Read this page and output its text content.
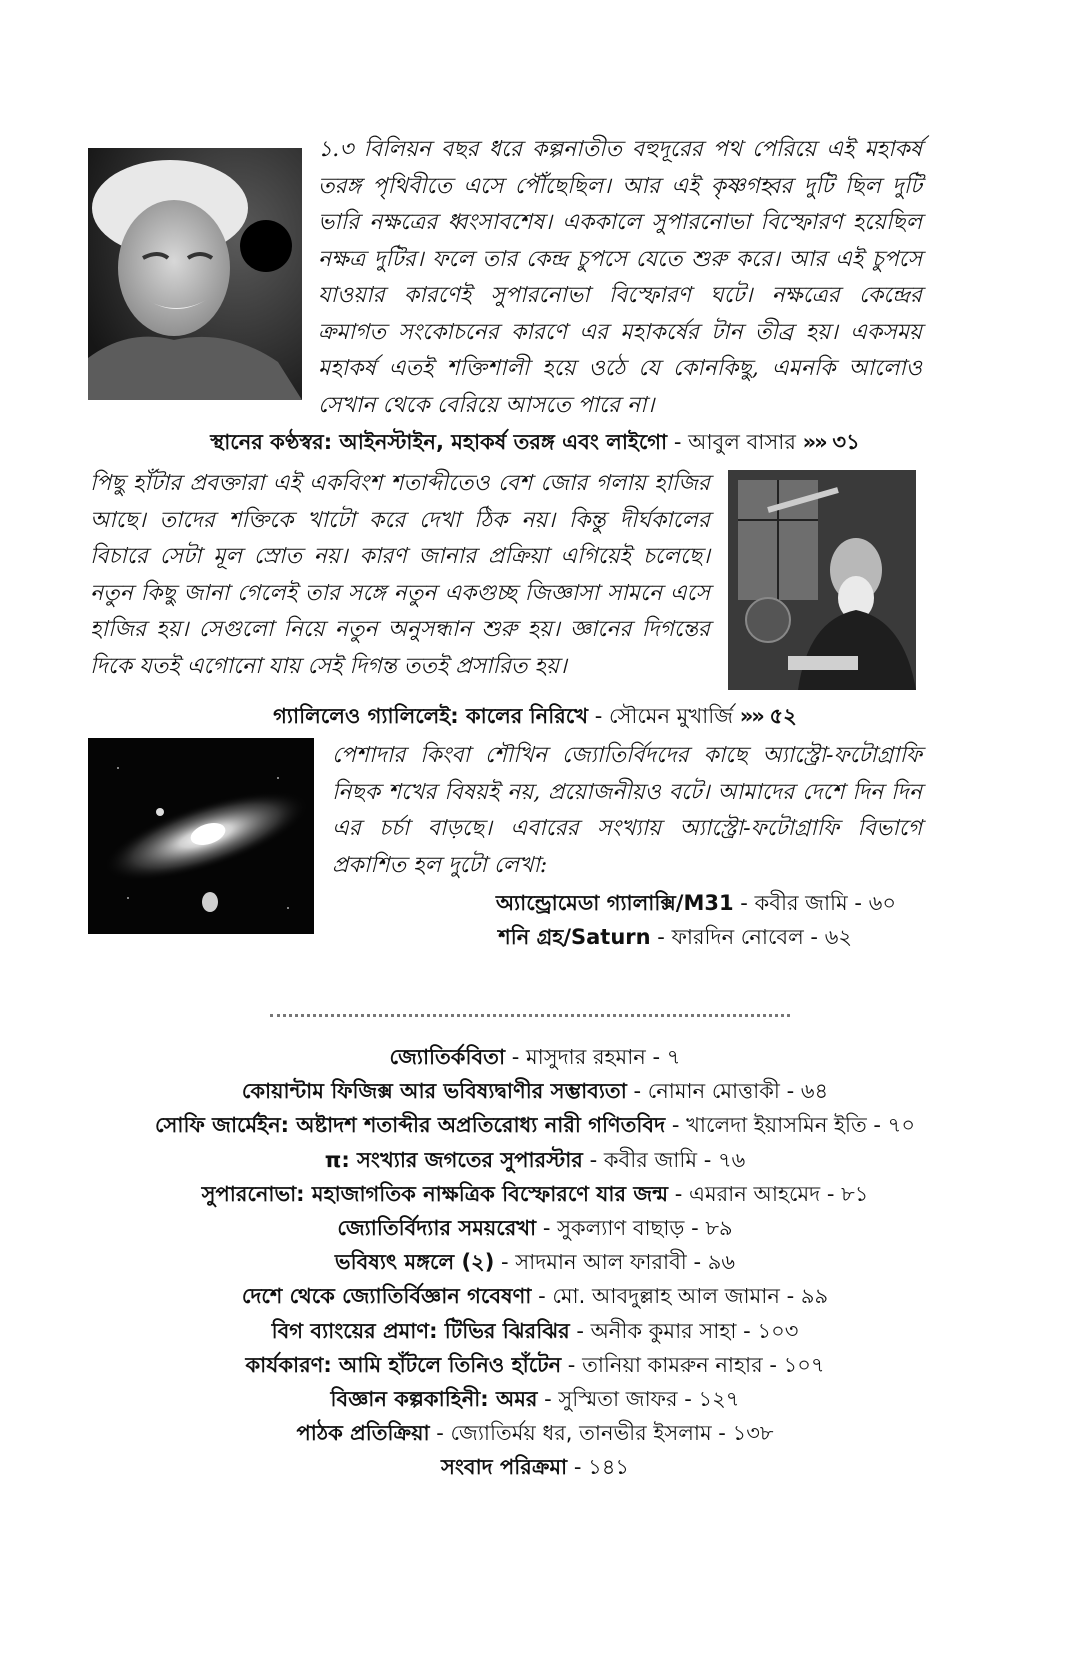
১.৩ বিলিয়ন বছর ধরে কল্পনাতীত বহুদূরের পথ পেরিয়ে এই মহাকর্ষ তরঙ্গ পৃথিবীতে এসে পৌঁছেছিল। আর এই কৃষ্ণগহ্বর দুটি ছিল দুটি ভারি নক্ষত্রের ধ্বংসাবশেষ। এককালে সুপারনোভা বিস্ফোরণ হয়েছিল নক্ষত্র দুটির। ফলে তার কেন্দ্র চুপসে যেতে শুরু করে। আর এই চুপসে যাওয়ার কারণেই সুপারনোভা বিস্ফোরণ ঘটে। নক্ষত্রের কেন্দ্রের ক্রমাগত সংকোচনের কারণে এর মহাকর্ষের টান তীব্র হয়। একসময় মহাকর্ষ এতই শক্তিশালী হয়ে ওঠে যে কোনকিছু, এমনকি আলোও সেখান থেকে বেরিয়ে আসতে পারে না।
স্থানের কণ্ঠস্বর: আইনস্টাইন, মহাকর্ষ তরঙ্গ এবং লাইগো - আবুল বাসার »» ৩১
পিছু হাঁটার প্রবক্তারা এই একবিংশ শতাব্দীতেও বেশ জোর গলায় হাজির আছে। তাদের শক্তিকে খাটো করে দেখা ঠিক নয়। কিন্তু দীর্ঘকালের বিচারে সেটা মূল স্রোত নয়। কারণ জানার প্রক্রিয়া এগিয়েই চলেছে। নতুন কিছু জানা গেলেই তার সঙ্গে নতুন একগুচ্ছ জিজ্ঞাসা সামনে এসে হাজির হয়। সেগুলো নিয়ে নতুন অনুসন্ধান শুরু হয়। জ্ঞানের দিগন্তের দিকে যতই এগোনো যায় সেই দিগন্ত ততই প্রসারিত হয়।
গ্যালিলেও গ্যালিলেই: কালের নিরিখে - সৌমেন মুখার্জি »» ৫২
পেশাদার কিংবা শৌখিন জ্যোতির্বিদদের কাছে অ্যাস্ট্রো-ফটোগ্রাফি নিছক শখের বিষয়ই নয়, প্রয়োজনীয়ও বটে। আমাদের দেশে দিন দিন এর চর্চা বাড়ছে। এবারের সংখ্যায় অ্যাস্ট্রো-ফটোগ্রাফি বিভাগে প্রকাশিত হল দুটো লেখা:
অ্যান্ড্রোমেডা গ্যালাক্সি/M31 - কবীর জামি - ৬০
শনি গ্রহ/Saturn - ফারদিন নোবেল - ৬২
জ্যোতির্কবিতা - মাসুদার রহমান - ৭
কোয়ান্টাম ফিজিক্স আর ভবিষ্যদ্বাণীর সম্ভাব্যতা - নোমান মোত্তাকী - ৬৪
সোফি জার্মেইন: অষ্টাদশ শতাব্দীর অপ্রতিরোধ্য নারী গণিতবিদ - খালেদা ইয়াসমিন ইতি - ৭০
π: সংখ্যার জগতের সুপারস্টার - কবীর জামি - ৭৬
সুপারনোভা: মহাজাগতিক নাক্ষত্রিক বিস্ফোরণে যার জন্ম - এমরান আহমেদ - ৮১
জ্যোতির্বিদ্যার সময়রেখা - সুকল্যাণ বাছাড় - ৮৯
ভবিষ্যৎ মঙ্গলে (২) - সাদমান আল ফারাবী - ৯৬
দেশে থেকে জ্যোতির্বিজ্ঞান গবেষণা - মো. আবদুল্লাহ আল জামান - ৯৯
বিগ ব্যাংয়ের প্রমাণ: টিভির ঝিরঝির - অনীক কুমার সাহা - ১০৩
কার্যকারণ: আমি হাঁটলে তিনিও হাঁটেন - তানিয়া কামরুন নাহার - ১০৭
বিজ্ঞান কল্পকাহিনী: অমর - সুস্মিতা জাফর - ১২৭
পাঠক প্রতিক্রিয়া - জ্যোতির্ময় ধর, তানভীর ইসলাম - ১৩৮
সংবাদ পরিক্রমা - ১৪১
